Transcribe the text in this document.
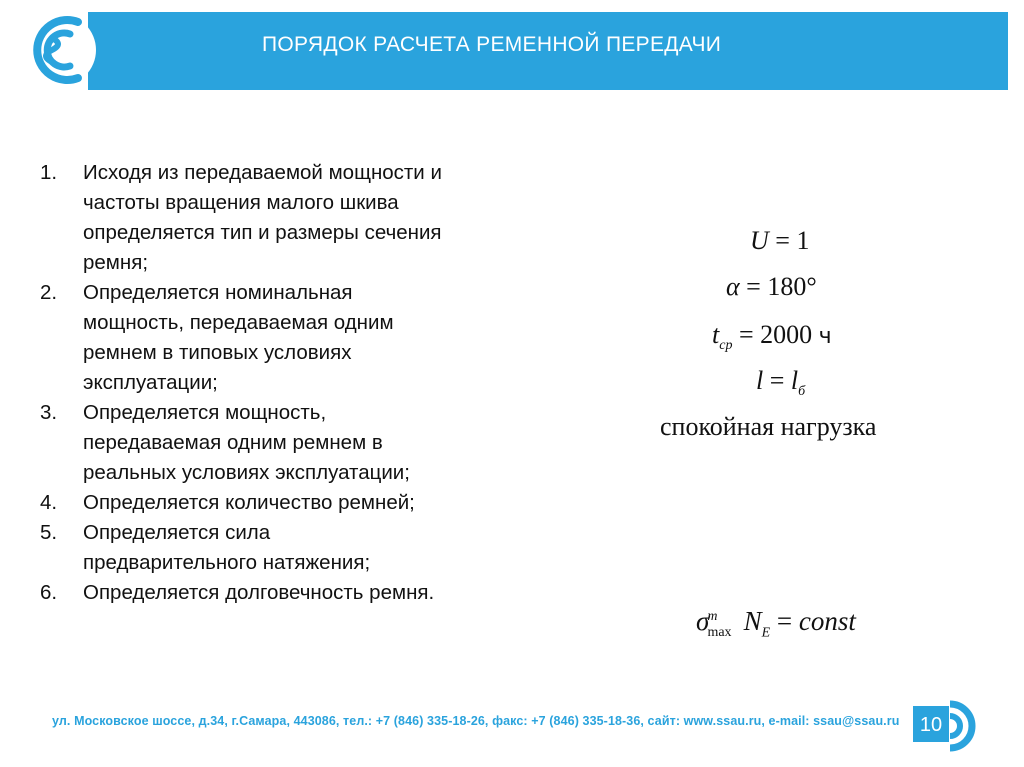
ПОРЯДОК РАСЧЕТА РЕМЕННОЙ ПЕРЕДАЧИ
1. Исходя из передаваемой мощности и
частоты вращения малого шкива
определяется тип и размеры сечения
ремня;
2. Определяется номинальная
мощность, передаваемая одним
ремнем в типовых условиях
эксплуатации;
3. Определяется мощность,
передаваемая одним ремнем в
реальных условиях эксплуатации;
4. Определяется количество ремней;
5. Определяется сила
предварительного натяжения;
6. Определяется долговечность ремня.
U = 1
α = 180°
$t_{ср} = 2000$ ч
$l = l_б$
спокойная нагрузка
$\sigma^m_{max}$ $N_E$ = const
ул. Московское шоссе, д.34, г.Самара, 443086, тел.: +7 (846) 335-18-26, факс: +7 (846) 335-18-36, сайт: www.ssau.ru, e-mail: ssau@ssau.ru	10
